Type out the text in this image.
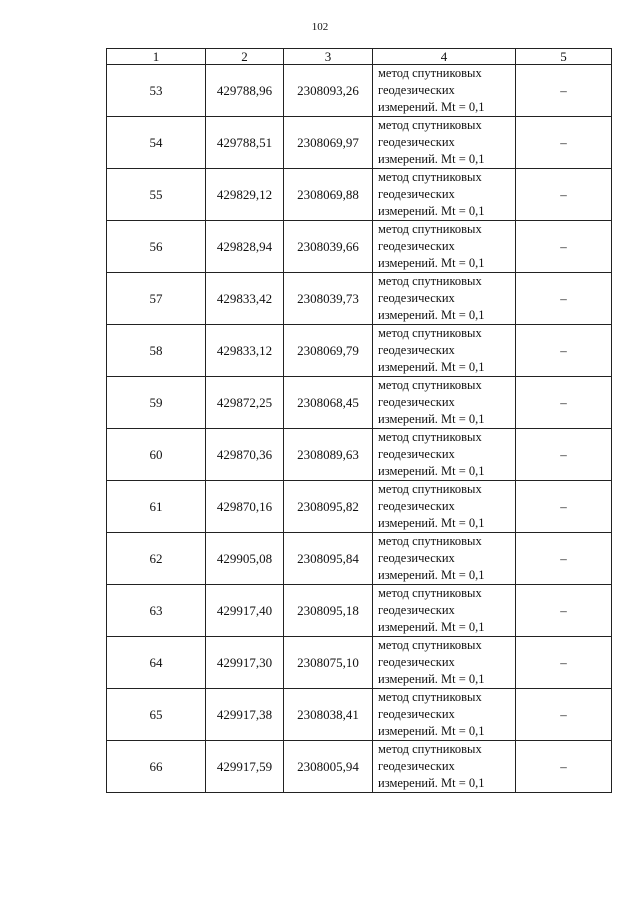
102
1	2	3	4	5
53	429788,96	2308093,26	метод спутниковых
геодезических
измерений. Mt = 0,1	–
54	429788,51	2308069,97	метод спутниковых
геодезических
измерений. Mt = 0,1	–
55	429829,12	2308069,88	метод спутниковых
геодезических
измерений. Mt = 0,1	–
56	429828,94	2308039,66	метод спутниковых
геодезических
измерений. Mt = 0,1	–
57	429833,42	2308039,73	метод спутниковых
геодезических
измерений. Mt = 0,1	–
58	429833,12	2308069,79	метод спутниковых
геодезических
измерений. Mt = 0,1	–
59	429872,25	2308068,45	метод спутниковых
геодезических
измерений. Mt = 0,1	–
60	429870,36	2308089,63	метод спутниковых
геодезических
измерений. Mt = 0,1	–
61	429870,16	2308095,82	метод спутниковых
геодезических
измерений. Mt = 0,1	–
62	429905,08	2308095,84	метод спутниковых
геодезических
измерений. Mt = 0,1	–
63	429917,40	2308095,18	метод спутниковых
геодезических
измерений. Mt = 0,1	–
64	429917,30	2308075,10	метод спутниковых
геодезических
измерений. Mt = 0,1	–
65	429917,38	2308038,41	метод спутниковых
геодезических
измерений. Mt = 0,1	–
66	429917,59	2308005,94	метод спутниковых
геодезических
измерений. Mt = 0,1	–
